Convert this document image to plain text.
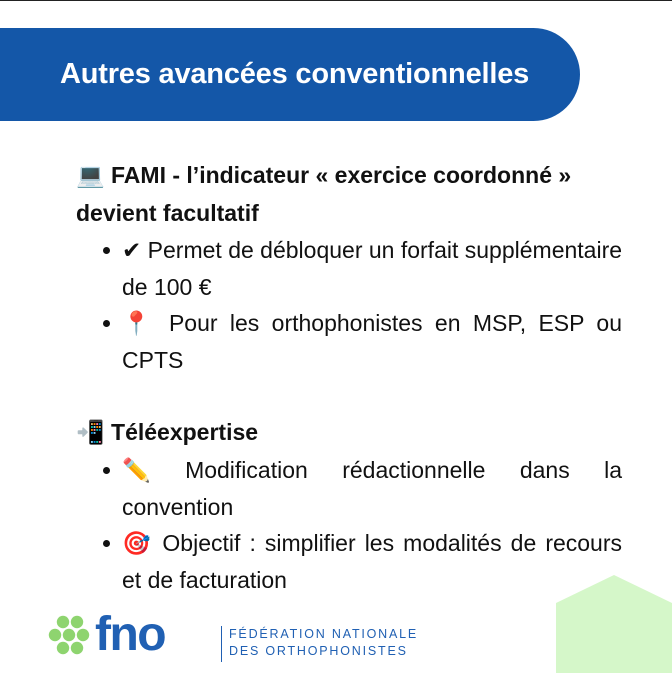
Autres avancées conventionnelles
💻 FAMI - l’indicateur « exercice coordonné » devient facultatif
✔ Permet de débloquer un forfait supplémentaire de 100 €
📍 Pour les orthophonistes en MSP, ESP ou CPTS
📲 Téléexpertise
✏️ Modification rédactionnelle dans la convention
🎯 Objectif : simplifier les modalités de recours et de facturation
fno	FÉDÉRATION NATIONALE
DES ORTHOPHONISTES
